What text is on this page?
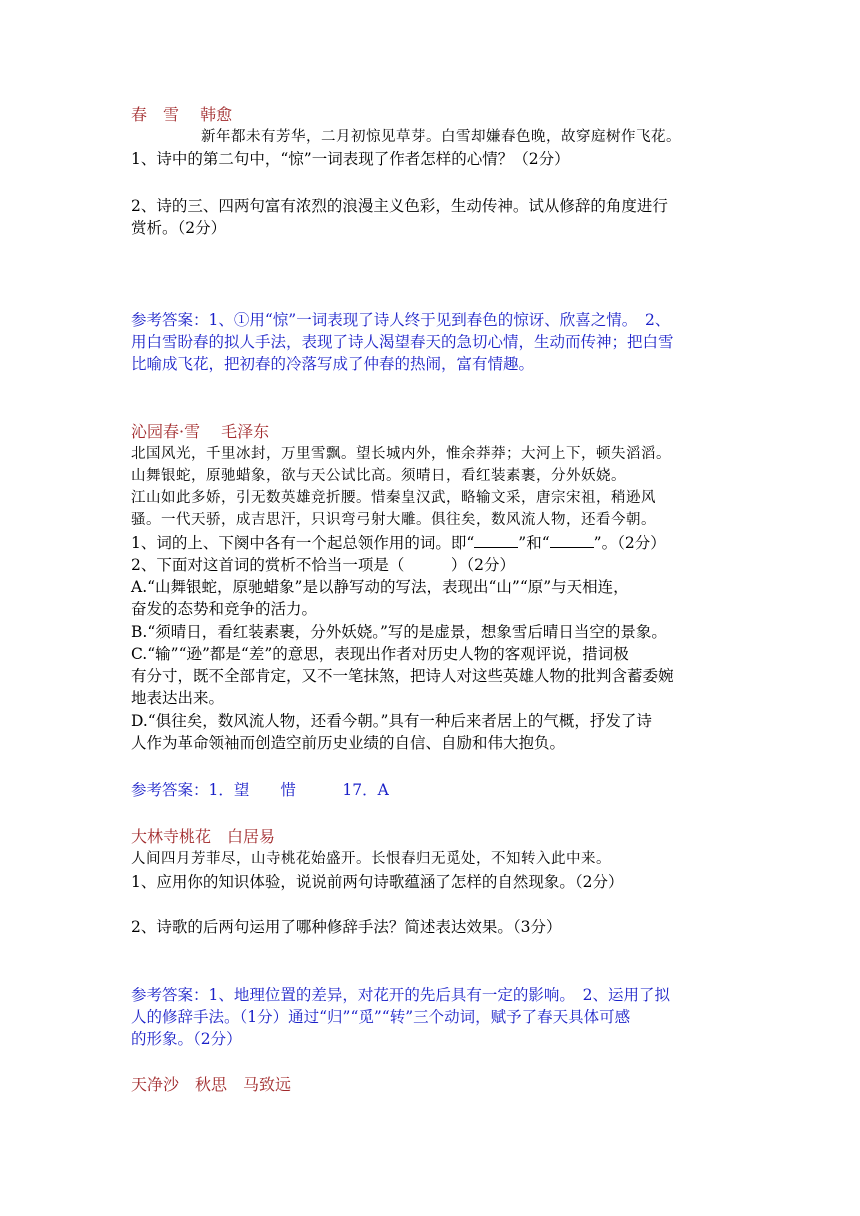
春　雪　 韩愈
新年都未有芳华，二月初惊见草芽。白雪却嫌春色晚，故穿庭树作飞花。
1、诗中的第二句中，“惊”一词表现了作者怎样的心情？（2分）
2、诗的三、四两句富有浓烈的浪漫主义色彩，生动传神。试从修辞的角度进行
赏析。（2分）
参考答案：1、①用“惊”一词表现了诗人终于见到春色的惊讶、欣喜之情。　2、
用白雪盼春的拟人手法，表现了诗人渴望春天的急切心情，生动而传神；把白雪
比喻成飞花，把初春的冷落写成了仲春的热闹，富有情趣。
沁园春·雪　 毛泽东
北国风光，千里冰封，万里雪飘。望长城内外，惟余莽莽；大河上下，顿失滔滔。
山舞银蛇，原驰蜡象，欲与天公试比高。须晴日，看红装素裹，分外妖娆。
江山如此多娇，引无数英雄竞折腰。惜秦皇汉武，略输文采，唐宗宋祖，稍逊风
骚。一代天骄，成吉思汗，只识弯弓射大雕。俱往矣，数风流人物，还看今朝。
1、词的上、下阕中各有一个起总领作用的词。即“	”和“	”。（2分）
2、下面对这首词的赏析不恰当一项是（　　　）（2分）
A.“山舞银蛇，原驰蜡象”是以静写动的写法，表现出“山”“原”与天相连，
奋发的态势和竞争的活力。
B.“须晴日，看红装素裹，分外妖娆。”写的是虚景，想象雪后晴日当空的景象。
C.“输”“逊”都是“差”的意思，表现出作者对历史人物的客观评说，措词极
有分寸，既不全部肯定，又不一笔抹煞，把诗人对这些英雄人物的批判含蓄委婉
地表达出来。
D.“俱往矣，数风流人物，还看今朝。”具有一种后来者居上的气概，抒发了诗
人作为革命领袖而创造空前历史业绩的自信、自励和伟大抱负。
参考答案：1．望　　惜　　　17．A
大林寺桃花　白居易
人间四月芳菲尽，山寺桃花始盛开。长恨春归无觅处，不知转入此中来。
1、应用你的知识体验，说说前两句诗歌蕴涵了怎样的自然现象。（2分）
2、诗歌的后两句运用了哪种修辞手法？简述表达效果。（3分）
参考答案：1、地理位置的差异，对花开的先后具有一定的影响。　2、运用了拟
人的修辞手法。（1分）通过“归”“觅”“转”三个动词，赋予了春天具体可感
的形象。（2分）
天净沙　秋思　马致远
